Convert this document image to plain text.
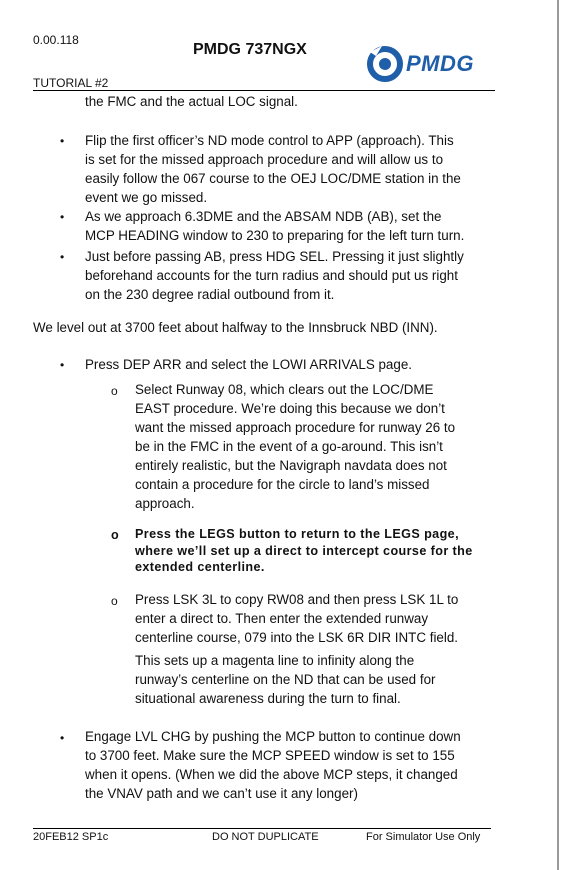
0.00.118
PMDG 737NGX
TUTORIAL #2
PMDG
the FMC and the actual LOC signal.
• Flip the first officer’s ND mode control to APP (approach). This
is set for the missed approach procedure and will allow us to
easily follow the 067 course to the OEJ LOC/DME station in the
event we go missed.
• As we approach 6.3DME and the ABSAM NDB (AB), set the
MCP HEADING window to 230 to preparing for the left turn turn.
• Just before passing AB, press HDG SEL. Pressing it just slightly
beforehand accounts for the turn radius and should put us right
on the 230 degree radial outbound from it.
We level out at 3700 feet about halfway to the Innsbruck NBD (INN).
• Press DEP ARR and select the LOWI ARRIVALS page.
o Select Runway 08, which clears out the LOC/DME
EAST procedure. We’re doing this because we don’t
want the missed approach procedure for runway 26 to
be in the FMC in the event of a go-around. This isn’t
entirely realistic, but the Navigraph navdata does not
contain a procedure for the circle to land’s missed
approach.
o Press the LEGS button to return to the LEGS page,
where we’ll set up a direct to intercept course for the
extended centerline.
o Press LSK 3L to copy RW08 and then press LSK 1L to
enter a direct to. Then enter the extended runway
centerline course, 079 into the LSK 6R DIR INTC field.
This sets up a magenta line to infinity along the
runway’s centerline on the ND that can be used for
situational awareness during the turn to final.
• Engage LVL CHG by pushing the MCP button to continue down
to 3700 feet. Make sure the MCP SPEED window is set to 155
when it opens. (When we did the above MCP steps, it changed
the VNAV path and we can’t use it any longer)
20FEB12 SP1c	DO NOT DUPLICATE	For Simulator Use Only
